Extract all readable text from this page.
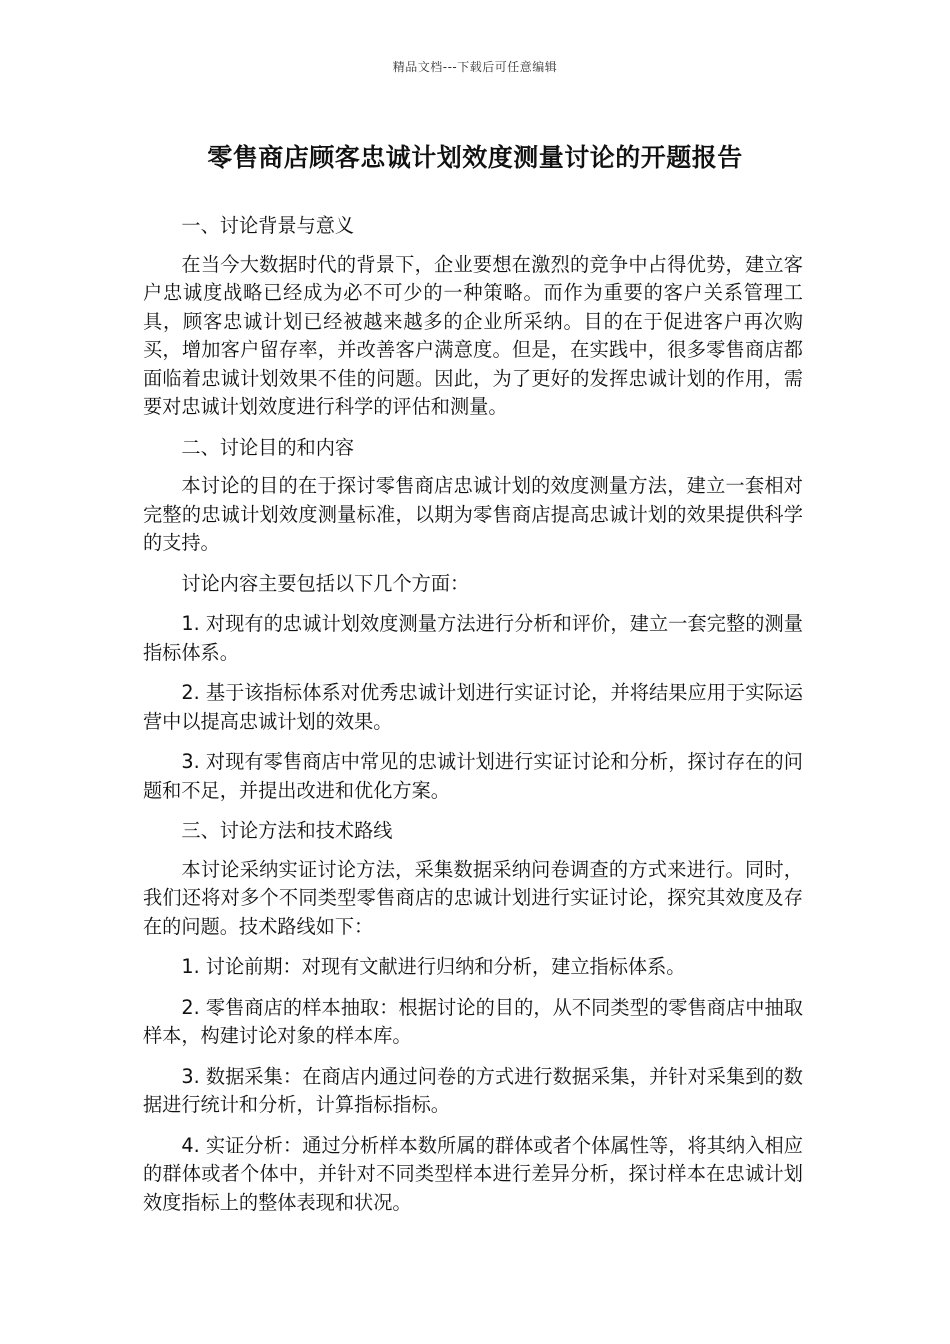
精品文档---下载后可任意编辑
零售商店顾客忠诚计划效度测量讨论的开题报告

一、讨论背景与意义

在当今大数据时代的背景下，企业要想在激烈的竞争中占得优势，建立客户忠诚度战略已经成为必不可少的一种策略。而作为重要的客户关系管理工具，顾客忠诚计划已经被越来越多的企业所采纳。目的在于促进客户再次购买，增加客户留存率，并改善客户满意度。但是，在实践中，很多零售商店都面临着忠诚计划效果不佳的问题。因此，为了更好的发挥忠诚计划的作用，需要对忠诚计划效度进行科学的评估和测量。

二、讨论目的和内容

本讨论的目的在于探讨零售商店忠诚计划的效度测量方法，建立一套相对完整的忠诚计划效度测量标准，以期为零售商店提高忠诚计划的效果提供科学的支持。

讨论内容主要包括以下几个方面：

1. 对现有的忠诚计划效度测量方法进行分析和评价，建立一套完整的测量指标体系。

2. 基于该指标体系对优秀忠诚计划进行实证讨论，并将结果应用于实际运营中以提高忠诚计划的效果。

3. 对现有零售商店中常见的忠诚计划进行实证讨论和分析，探讨存在的问题和不足，并提出改进和优化方案。

三、讨论方法和技术路线

本讨论采纳实证讨论方法，采集数据采纳问卷调查的方式来进行。同时，我们还将对多个不同类型零售商店的忠诚计划进行实证讨论，探究其效度及存在的问题。技术路线如下：

1. 讨论前期：对现有文献进行归纳和分析，建立指标体系。

2. 零售商店的样本抽取：根据讨论的目的，从不同类型的零售商店中抽取样本，构建讨论对象的样本库。

3. 数据采集：在商店内通过问卷的方式进行数据采集，并针对采集到的数据进行统计和分析，计算指标指标。

4. 实证分析：通过分析样本数所属的群体或者个体属性等，将其纳入相应的群体或者个体中，并针对不同类型样本进行差异分析，探讨样本在忠诚计划效度指标上的整体表现和状况。
